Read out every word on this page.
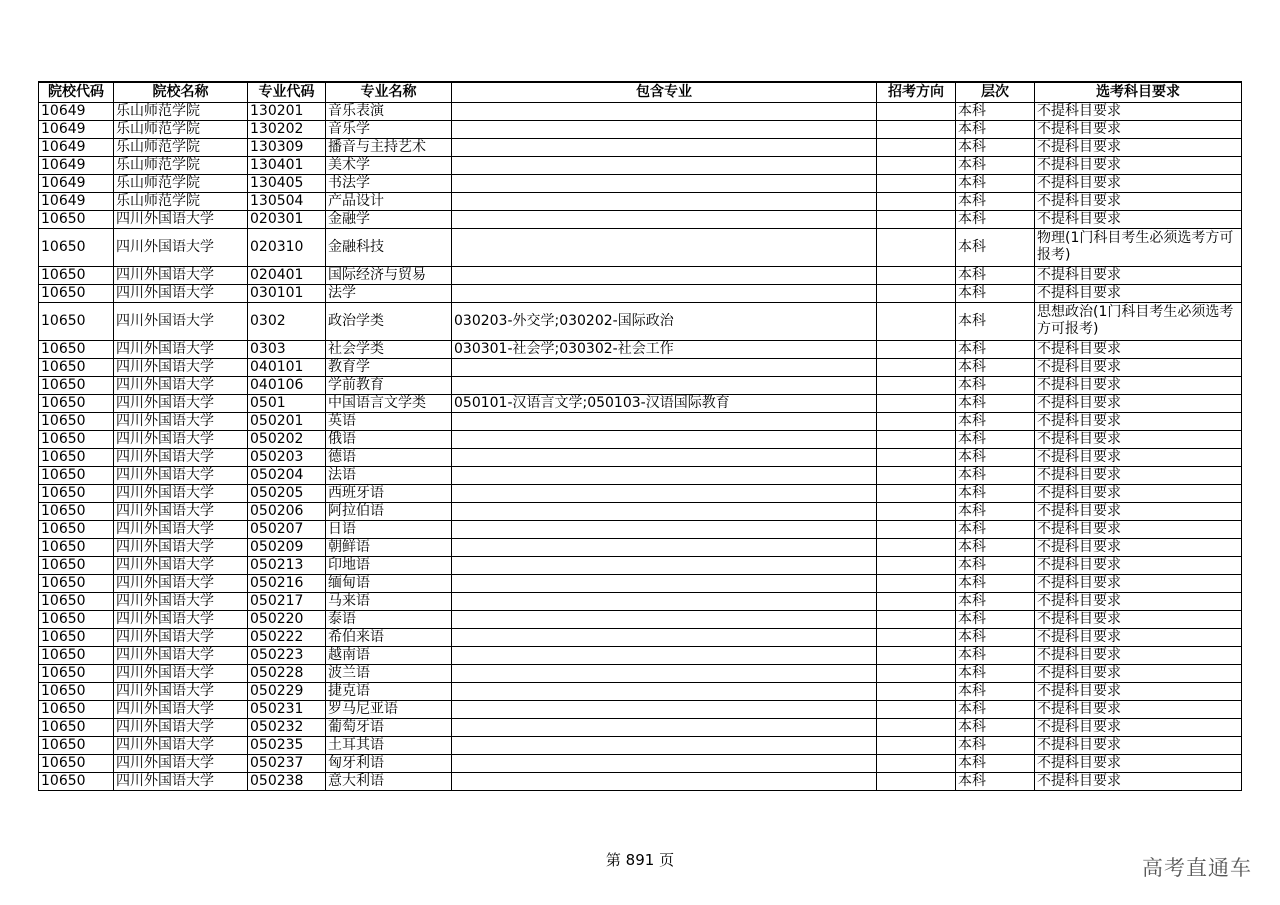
院校代码	院校名称	专业代码	专业名称	包含专业	招考方向	层次	选考科目要求
10649	乐山师范学院	130201	音乐表演			本科	不提科目要求
10649	乐山师范学院	130202	音乐学			本科	不提科目要求
10649	乐山师范学院	130309	播音与主持艺术			本科	不提科目要求
10649	乐山师范学院	130401	美术学			本科	不提科目要求
10649	乐山师范学院	130405	书法学			本科	不提科目要求
10649	乐山师范学院	130504	产品设计			本科	不提科目要求
10650	四川外国语大学	020301	金融学			本科	不提科目要求
10650	四川外国语大学	020310	金融科技			本科	物理(1门科目考生必须选考方可报考)
10650	四川外国语大学	020401	国际经济与贸易			本科	不提科目要求
10650	四川外国语大学	030101	法学			本科	不提科目要求
10650	四川外国语大学	0302	政治学类	030203-外交学;030202-国际政治		本科	思想政治(1门科目考生必须选考方可报考)
10650	四川外国语大学	0303	社会学类	030301-社会学;030302-社会工作		本科	不提科目要求
10650	四川外国语大学	040101	教育学			本科	不提科目要求
10650	四川外国语大学	040106	学前教育			本科	不提科目要求
10650	四川外国语大学	0501	中国语言文学类	050101-汉语言文学;050103-汉语国际教育		本科	不提科目要求
10650	四川外国语大学	050201	英语			本科	不提科目要求
10650	四川外国语大学	050202	俄语			本科	不提科目要求
10650	四川外国语大学	050203	德语			本科	不提科目要求
10650	四川外国语大学	050204	法语			本科	不提科目要求
10650	四川外国语大学	050205	西班牙语			本科	不提科目要求
10650	四川外国语大学	050206	阿拉伯语			本科	不提科目要求
10650	四川外国语大学	050207	日语			本科	不提科目要求
10650	四川外国语大学	050209	朝鲜语			本科	不提科目要求
10650	四川外国语大学	050213	印地语			本科	不提科目要求
10650	四川外国语大学	050216	缅甸语			本科	不提科目要求
10650	四川外国语大学	050217	马来语			本科	不提科目要求
10650	四川外国语大学	050220	泰语			本科	不提科目要求
10650	四川外国语大学	050222	希伯来语			本科	不提科目要求
10650	四川外国语大学	050223	越南语			本科	不提科目要求
10650	四川外国语大学	050228	波兰语			本科	不提科目要求
10650	四川外国语大学	050229	捷克语			本科	不提科目要求
10650	四川外国语大学	050231	罗马尼亚语			本科	不提科目要求
10650	四川外国语大学	050232	葡萄牙语			本科	不提科目要求
10650	四川外国语大学	050235	土耳其语			本科	不提科目要求
10650	四川外国语大学	050237	匈牙利语			本科	不提科目要求
10650	四川外国语大学	050238	意大利语			本科	不提科目要求
第 891 页	高考直通车
